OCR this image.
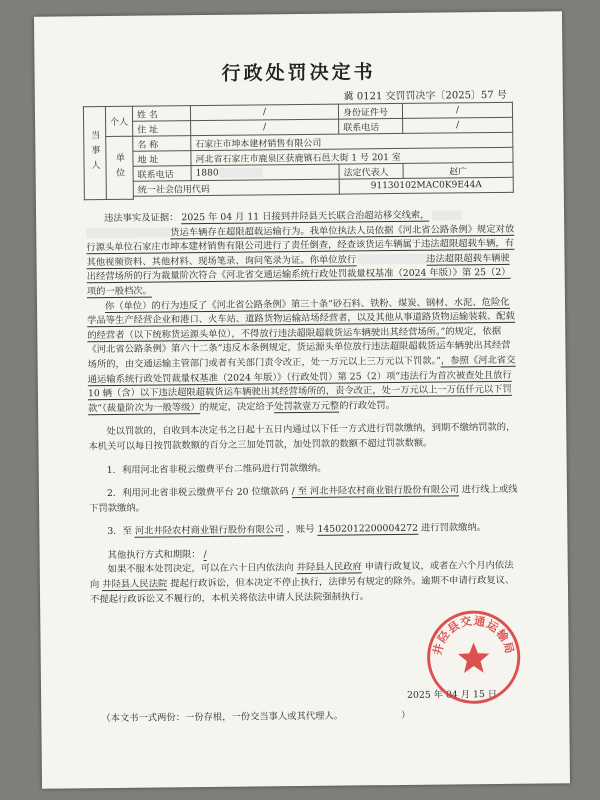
行政处罚决定书
冀 0121 交罚罚决字〔2025〕57 号
当事人	个人	姓 名	/	身份证件号	/
		住 址	/	联系电话	/
	单位	名 称	石家庄市坤本建材销售有限公司		
		地 址	河北省石家庄市鹿泉区获鹿镇石邑大街 1 号 201 室		
		联系电话	1880	法定代表人	赵广
		统一社会信用代码		91130102MAC0K9E44A	

违法事实及证据： 2025 年 04 月 11 日接到井陉县天长联合治超站移交线索，

货运车辆存在超限超载运输行为。我单位执法人员依据《河北省公路条例》规定对放行源头单位石家庄市坤本建材销售有限公司进行了责任倒查，经查该货运车辆属于违法超限超载车辆，有其他视频资料、其他材料、现场笔录、询问笔录为证。你单位放行	违法超限超载车辆驶出经营场所的行为裁量阶次符合《河北省交通运输系统行政处罚裁量权基准（2024 年版）》第 25（2）项的一般档次。

你（单位）的行为违反了《河北省公路条例》第三十条“砂石料、铁粉、煤炭、钢材、水泥、危险化学品等生产经营企业和港口、火车站、道路货物运输站场经营者，以及其他从事道路货物运输装载、配载的经营者（以下统称货运源头单位），不得放行违法超限超载货运车辆驶出其经营场所。”的规定，依据《河北省公路条例》第六十二条“违反本条例规定，货运源头单位放行违法超限超载货运车辆驶出其经营场所的，由交通运输主管部门或者有关部门责令改正，处一万元以上三万元以下罚款。”，参照《河北省交通运输系统行政处罚裁量权基准（2024 年版）》（行政处罚）第 25（2）项“违法行为首次被查处且放行 10 辆（含）以下违法超限超载货运车辆驶出其经营场所的，责令改正，处一万元以上一万伍仟元以下罚款”（裁量阶次为一般等级）的规定，决定给予处罚款壹万元整的行政处罚。

处以罚款的，自收到本决定书之日起十五日内通过以下任一方式进行罚款缴纳，到期不缴纳罚款的，本机关可以每日按罚款数额的百分之三加处罚款，加处罚款的数额不超过罚款数额。

1．利用河北省非税云缴费平台二维码进行罚款缴纳。

2．利用河北省非税云缴费平台 20 位缴款码 / 至 河北井陉农村商业银行股份有限公司 进行线上或线下罚款缴纳。

3．至 河北井陉农村商业银行股份有限公司 ，账号 14502012200004272 进行罚款缴纳。

其他执行方式和期限： /

如果不服本处罚决定，可以在六十日内依法向 井陉县人民政府 申请行政复议，或者在六个月内依法向 井陉县人民法院 提起行政诉讼，但本决定不停止执行，法律另有规定的除外。逾期不申请行政复议、不提起行政诉讼又不履行的，本机关将依法申请人民法院强制执行。

2025 年 04 月 15 日
（本文书一式两份：一份存根，一份交当事人或其代理人。	）
井陉县交通运输局
